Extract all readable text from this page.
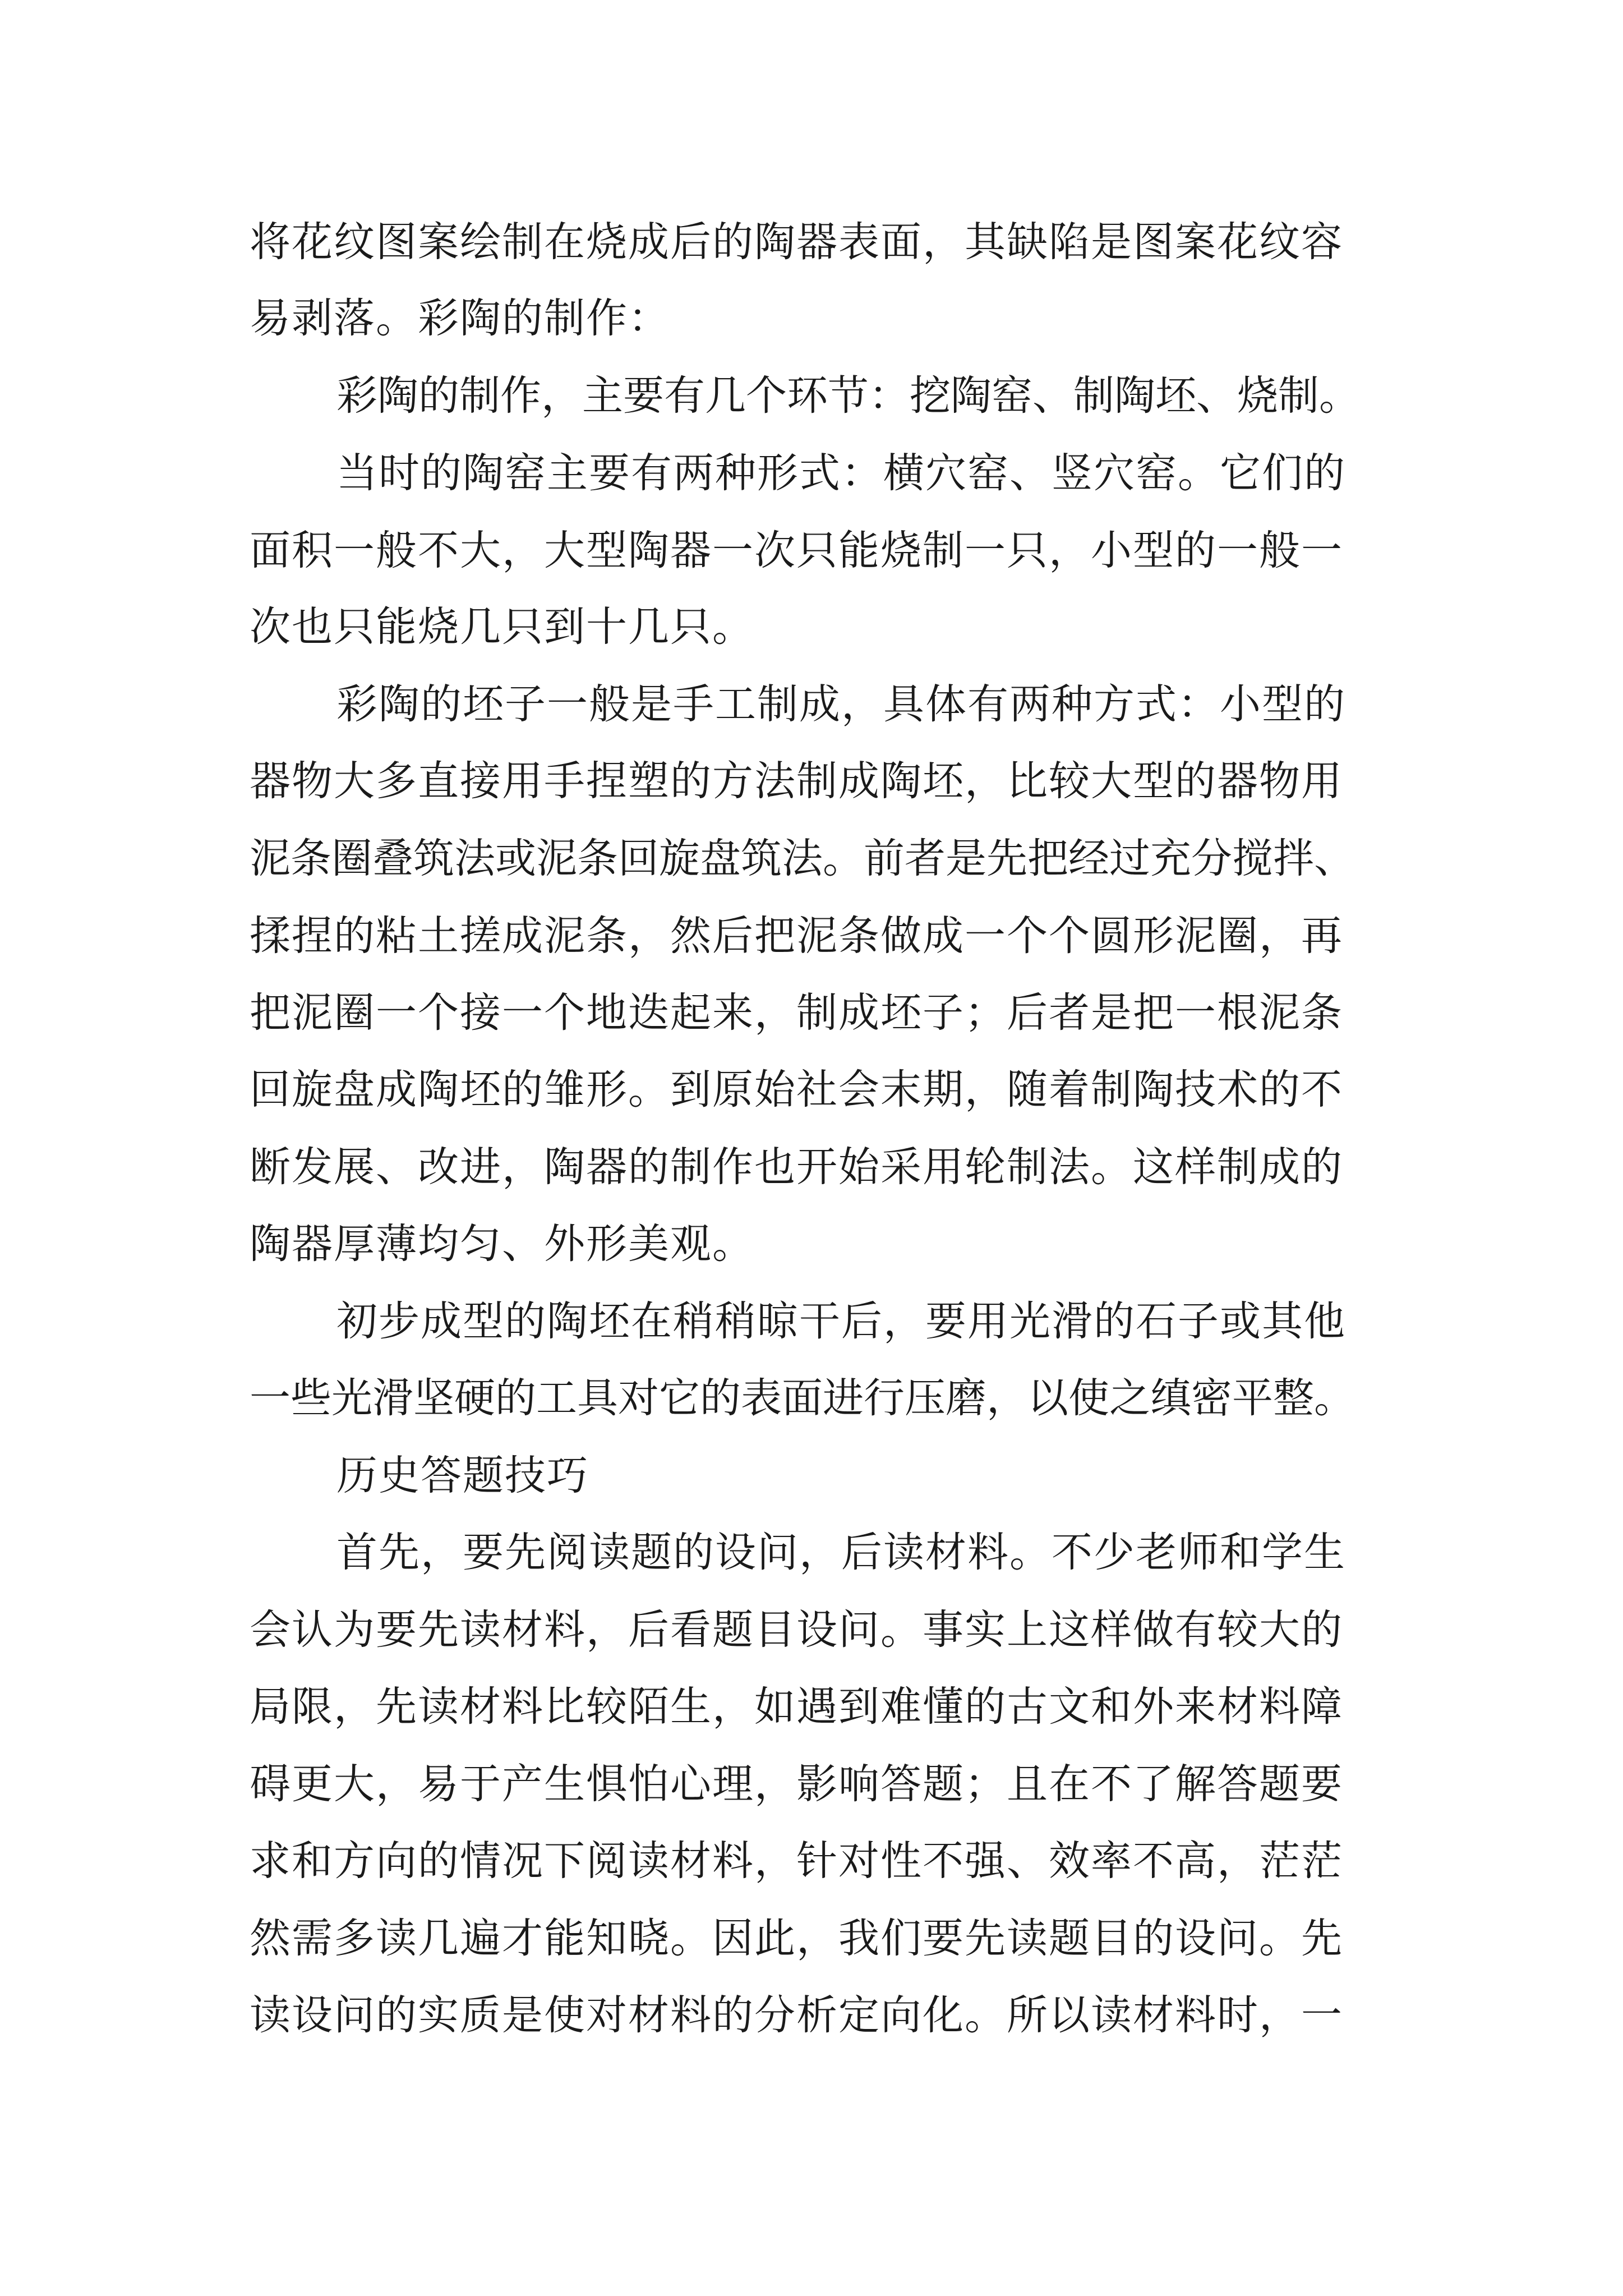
将花纹图案绘制在烧成后的陶器表面，其缺陷是图案花纹容

易剥落。彩陶的制作：

彩陶的制作，主要有几个环节：挖陶窑、制陶坯、烧制。

当时的陶窑主要有两种形式：横穴窑、竖穴窑。它们的

面积一般不大，大型陶器一次只能烧制一只，小型的一般一

次也只能烧几只到十几只。

彩陶的坯子一般是手工制成，具体有两种方式：小型的

器物大多直接用手捏塑的方法制成陶坯，比较大型的器物用

泥条圈叠筑法或泥条回旋盘筑法。前者是先把经过充分搅拌、

揉捏的粘土搓成泥条，然后把泥条做成一个个圆形泥圈，再

把泥圈一个接一个地迭起来，制成坯子；后者是把一根泥条

回旋盘成陶坯的雏形。到原始社会末期，随着制陶技术的不

断发展、改进，陶器的制作也开始采用轮制法。这样制成的

陶器厚薄均匀、外形美观。

初步成型的陶坯在稍稍晾干后，要用光滑的石子或其他

一些光滑坚硬的工具对它的表面进行压磨，以使之缜密平整。

历史答题技巧

首先，要先阅读题的设问，后读材料。不少老师和学生

会认为要先读材料，后看题目设问。事实上这样做有较大的

局限，先读材料比较陌生，如遇到难懂的古文和外来材料障

碍更大，易于产生惧怕心理，影响答题；且在不了解答题要

求和方向的情况下阅读材料，针对性不强、效率不高，茫茫

然需多读几遍才能知晓。因此，我们要先读题目的设问。先

读设问的实质是使对材料的分析定向化。所以读材料时，一
